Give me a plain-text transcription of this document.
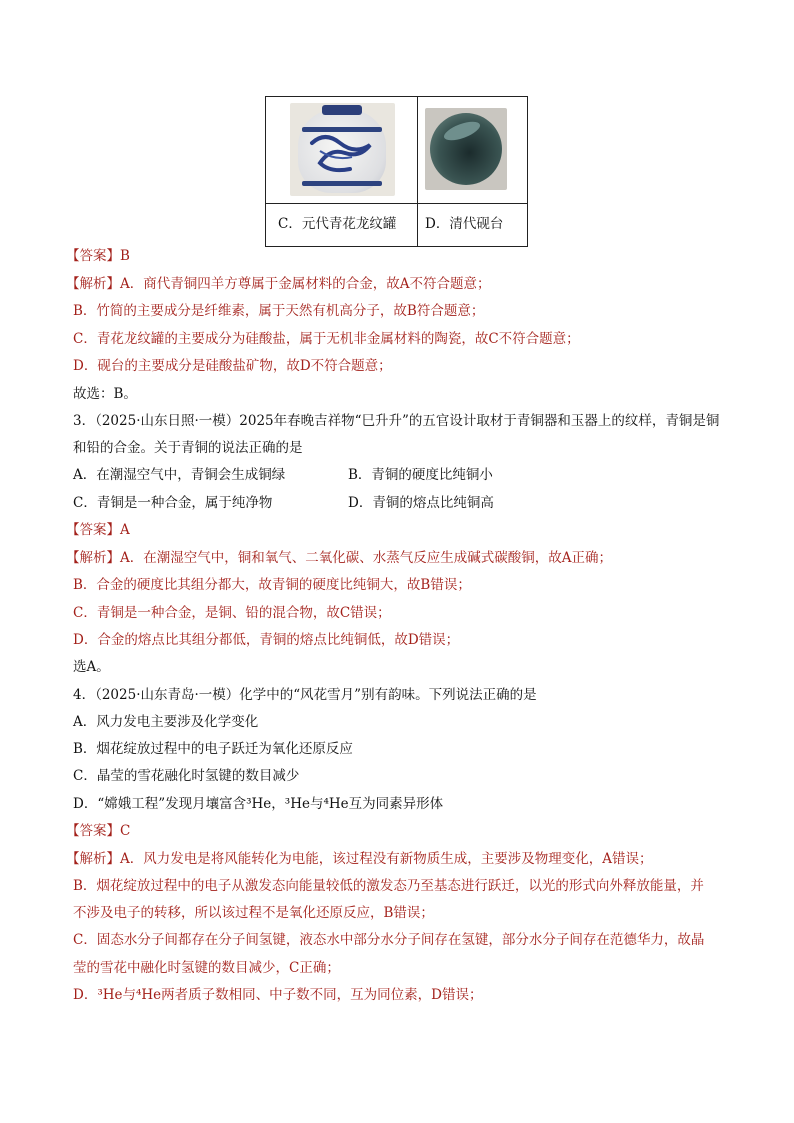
C．元代青花龙纹罐 D．清代砚台
【答案】B
【解析】A．商代青铜四羊方尊属于金属材料的合金，故A不符合题意；
B．竹简的主要成分是纤维素，属于天然有机高分子，故B符合题意；
C．青花龙纹罐的主要成分为硅酸盐，属于无机非金属材料的陶瓷，故C不符合题意；
D．砚台的主要成分是硅酸盐矿物，故D不符合题意；
故选：B。
3．（2025·山东日照·一模）2025年春晚吉祥物“巳升升”的五官设计取材于青铜器和玉器上的纹样，青铜是铜
和铅的合金。关于青铜的说法正确的是
A．在潮湿空气中，青铜会生成铜绿	B．青铜的硬度比纯铜小
C．青铜是一种合金，属于纯净物	D．青铜的熔点比纯铜高
【答案】A
【解析】A．在潮湿空气中，铜和氧气、二氧化碳、水蒸气反应生成碱式碳酸铜，故A正确；
B．合金的硬度比其组分都大，故青铜的硬度比纯铜大，故B错误；
C．青铜是一种合金，是铜、铅的混合物，故C错误；
D．合金的熔点比其组分都低，青铜的熔点比纯铜低，故D错误；
选A。
4．（2025·山东青岛·一模）化学中的“风花雪月”别有韵味。下列说法正确的是
A．风力发电主要涉及化学变化
B．烟花绽放过程中的电子跃迁为氧化还原反应
C．晶莹的雪花融化时氢键的数目减少
D．“嫦娥工程”发现月壤富含³He，³He与⁴He互为同素异形体
【答案】C
【解析】A．风力发电是将风能转化为电能，该过程没有新物质生成，主要涉及物理变化，A错误；
B．烟花绽放过程中的电子从激发态向能量较低的激发态乃至基态进行跃迁，以光的形式向外释放能量，并
不涉及电子的转移，所以该过程不是氧化还原反应，B错误；
C．固态水分子间都存在分子间氢键，液态水中部分水分子间存在氢键，部分水分子间存在范德华力，故晶
莹的雪花中融化时氢键的数目减少，C正确；
D．³He与⁴He两者质子数相同、中子数不同，互为同位素，D错误；
